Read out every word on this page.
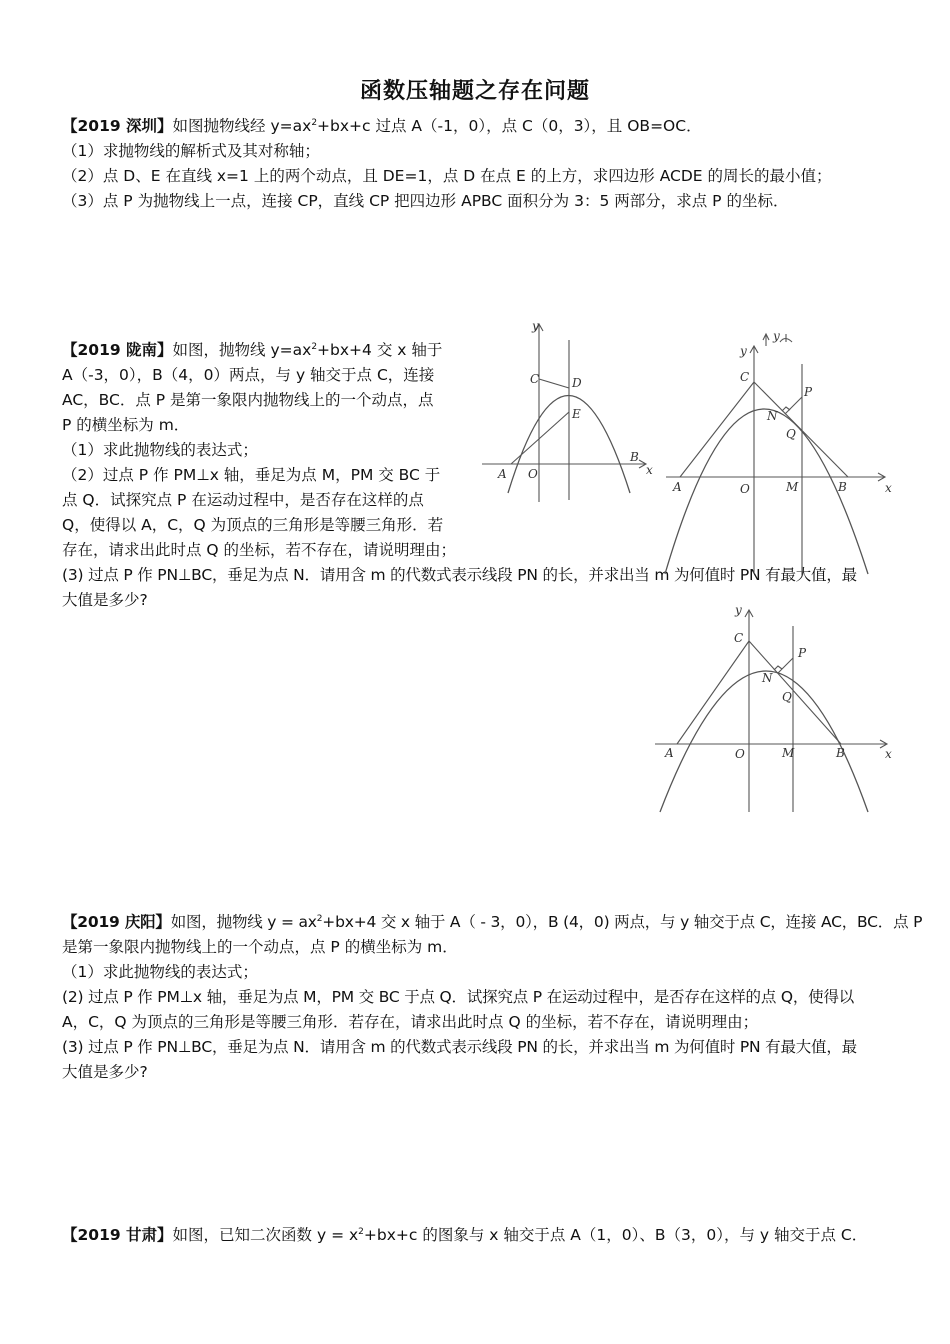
函数压轴题之存在问题
【2019 深圳】如图抛物线经 $y=ax^2+bx+c$ 过点 A（-1，0），点 C（0，3），且 OB=OC．
（1）求抛物线的解析式及其对称轴；
（2）点 D、E 在直线 x=1 上的两个动点，且 DE=1，点 D 在点 E 的上方，求四边形 ACDE 的周长的最小值；
（3）点 P 为抛物线上一点，连接 CP，直线 CP 把四边形 APBC 面积分为 3：5 两部分，求点 P 的坐标．
【2019 陇南】如图，抛物线 $y=ax^2+bx+4$ 交 x 轴于
A（-3，0），B（4，0）两点，与 y 轴交于点 C，连接
AC，BC．点 P 是第一象限内抛物线上的一个动点，点
P 的横坐标为 m．
（1）求此抛物线的表达式；
（2）过点 P 作 PM⊥x 轴，垂足为点 M，PM 交 BC 于
点 Q．试探究点 P 在运动过程中，是否存在这样的点
Q，使得以 A，C，Q 为顶点的三角形是等腰三角形．若
存在，请求出此时点 Q 的坐标，若不存在，请说明理由；
(3) 过点 P 作 PN⊥BC，垂足为点 N．请用含 m 的代数式表示线段 PN 的长，并求出当 m 为何值时 PN 有最大值，最
大值是多少?
y
x
A O
B
C	D
E
y
y
x
A	O	M	B
C
P
N
Q
y
x
A	O	M	B
C
P
N
Q
【2019 庆阳】如图，抛物线 $y = ax^2+bx+4$ 交 x 轴于 A（ - 3，0），B (4，0) 两点，与 y 轴交于点 C，连接 AC，BC．点 P
是第一象限内抛物线上的一个动点，点 P 的横坐标为 m．
（1）求此抛物线的表达式；
(2) 过点 P 作 PM⊥x 轴，垂足为点 M，PM 交 BC 于点 Q．试探究点 P 在运动过程中，是否存在这样的点 Q，使得以
A，C，Q 为顶点的三角形是等腰三角形．若存在，请求出此时点 Q 的坐标，若不存在，请说明理由；
(3) 过点 P 作 PN⊥BC，垂足为点 N．请用含 m 的代数式表示线段 PN 的长，并求出当 m 为何值时 PN 有最大值，最
大值是多少?
【2019 甘肃】如图，已知二次函数 $y = x^2+bx+c$ 的图象与 x 轴交于点 A（1，0）、B（3，0），与 y 轴交于点 C．
